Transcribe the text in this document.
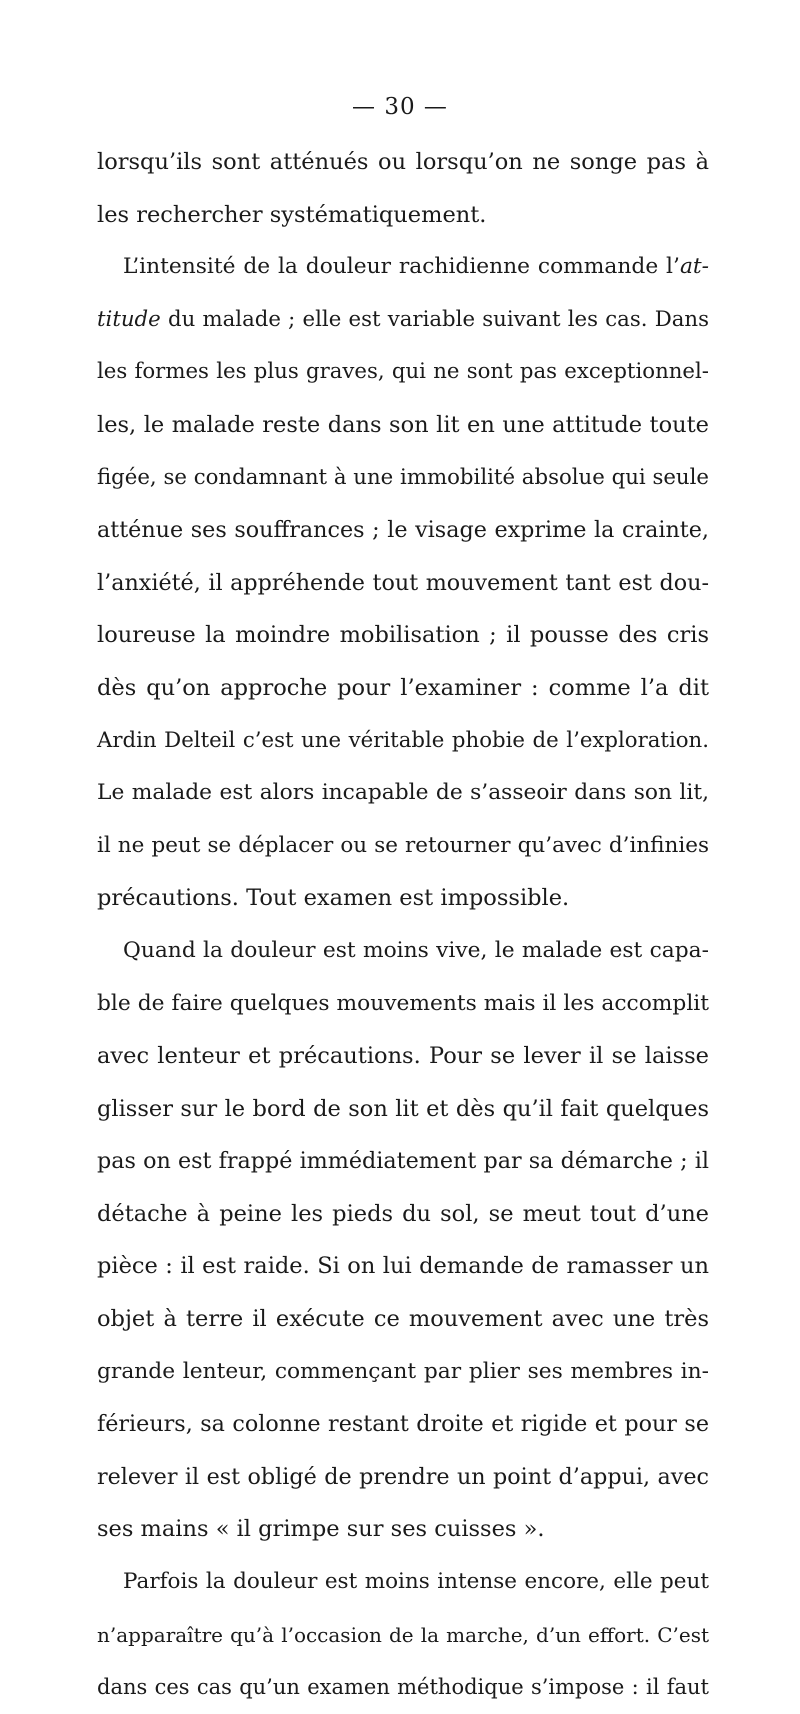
— 30 —
lorsqu’ils sont atténués ou lorsqu’on ne songe pas à
les rechercher systématiquement.
L’intensité de la douleur rachidienne commande l’at-
titude du malade ; elle est variable suivant les cas. Dans
les formes les plus graves, qui ne sont pas exceptionnel-
les, le malade reste dans son lit en une attitude toute
figée, se condamnant à une immobilité absolue qui seule
atténue ses souffrances ; le visage exprime la crainte,
l’anxiété, il appréhende tout mouvement tant est dou-
loureuse la moindre mobilisation ; il pousse des cris
dès qu’on approche pour l’examiner : comme l’a dit
Ardin Delteil c’est une véritable phobie de l’exploration.
Le malade est alors incapable de s’asseoir dans son lit,
il ne peut se déplacer ou se retourner qu’avec d’infinies
précautions. Tout examen est impossible.
Quand la douleur est moins vive, le malade est capa-
ble de faire quelques mouvements mais il les accomplit
avec lenteur et précautions. Pour se lever il se laisse
glisser sur le bord de son lit et dès qu’il fait quelques
pas on est frappé immédiatement par sa démarche ; il
détache à peine les pieds du sol, se meut tout d’une
pièce : il est raide. Si on lui demande de ramasser un
objet à terre il exécute ce mouvement avec une très
grande lenteur, commençant par plier ses membres in-
férieurs, sa colonne restant droite et rigide et pour se
relever il est obligé de prendre un point d’appui, avec
ses mains « il grimpe sur ses cuisses ».
Parfois la douleur est moins intense encore, elle peut
n’apparaître qu’à l’occasion de la marche, d’un effort. C’est
dans ces cas qu’un examen méthodique s’impose : il faut
